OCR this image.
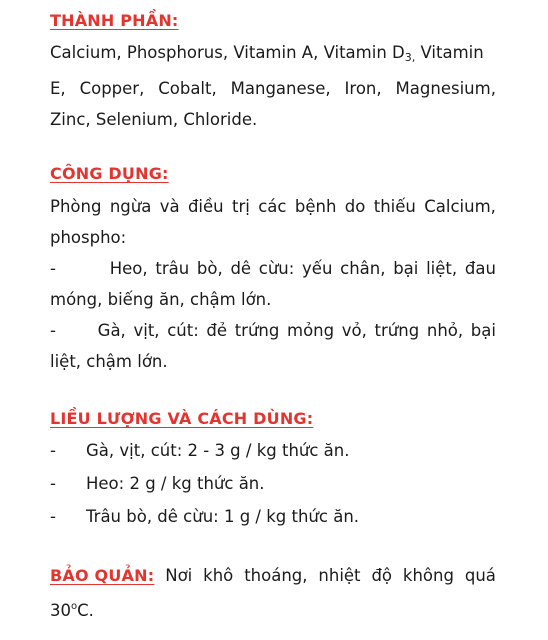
THÀNH PHẦN:
Calcium, Phosphorus, Vitamin A, Vitamin $D_{3,}$ Vitamin
E, Copper, Cobalt, Manganese, Iron, Magnesium,
Zinc, Selenium, Chloride.
CÔNG DỤNG:
Phòng ngừa và điều trị các bệnh do thiếu Calcium,
phospho:
-	Heo, trâu bò, dê cừu: yếu chân, bại liệt, đau
móng, biếng ăn, chậm lớn.
-	Gà, vịt, cút: đẻ trứng mỏng vỏ, trứng nhỏ, bại
liệt, chậm lớn.
LIỀU LƯỢNG VÀ CÁCH DÙNG:
- Gà, vịt, cút: 2 - 3 g / kg thức ăn.
- Heo: 2 g / kg thức ăn.
- Trâu bò, dê cừu: 1 g / kg thức ăn.
BẢO QUẢN: Nơi khô thoáng, nhiệt độ không quá
30$^o$C.
